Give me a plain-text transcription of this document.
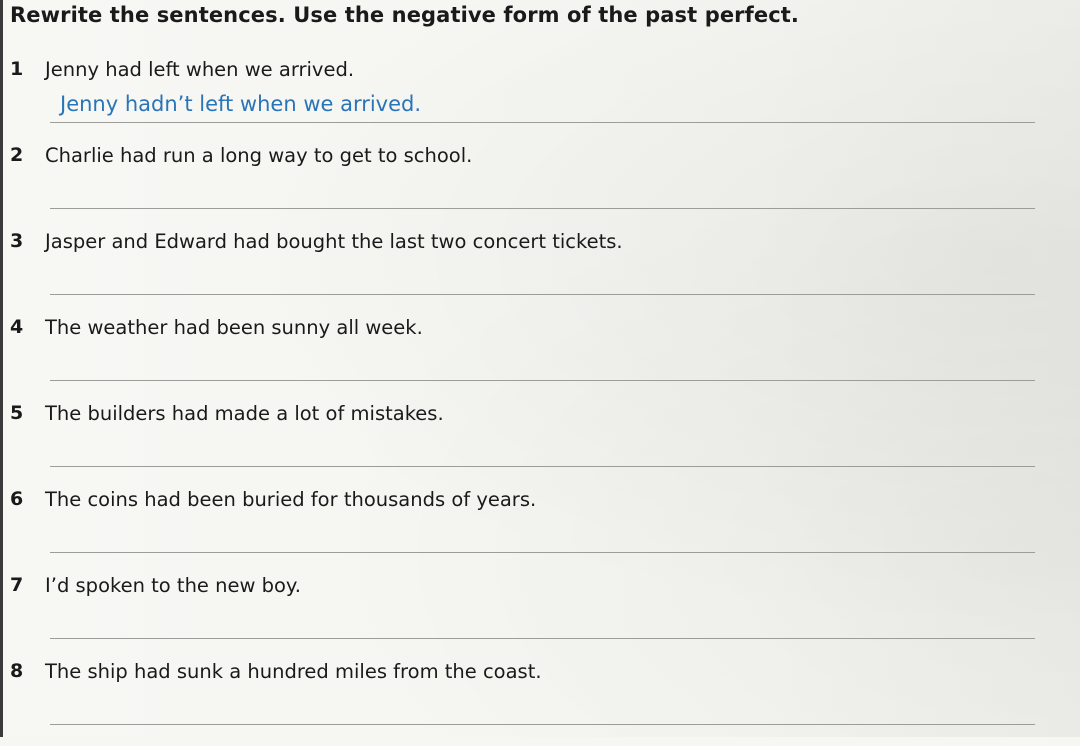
Rewrite the sentences. Use the negative form of the past perfect.
1 Jenny had left when we arrived.
Jenny hadn’t left when we arrived.
2 Charlie had run a long way to get to school.
3 Jasper and Edward had bought the last two concert tickets.
4 The weather had been sunny all week.
5 The builders had made a lot of mistakes.
6 The coins had been buried for thousands of years.
7 I’d spoken to the new boy.
8 The ship had sunk a hundred miles from the coast.
